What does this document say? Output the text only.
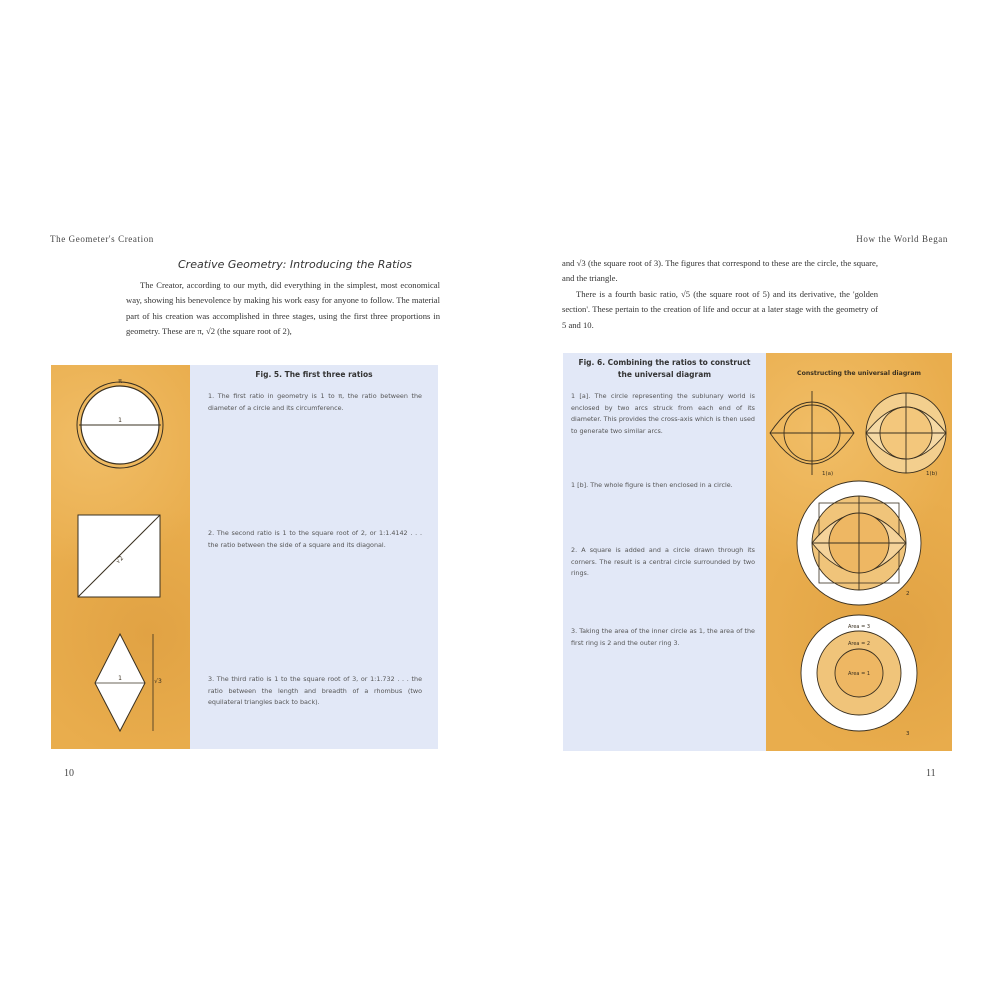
The Geometer's Creation
Creative Geometry: Introducing the Ratios

The Creator, according to our myth, did everything in the simplest, most economical way, showing his benevolence by making his work easy for anyone to follow. The material part of his creation was accomplished in three stages, using the first three proportions in geometry. These are π, √2 (the square root of 2),

π
1
√2
1	√3
Fig. 5. The first three ratios

1. The first ratio in geometry is 1 to π, the ratio between the diameter of a circle and its circumference.

2. The second ratio is 1 to the square root of 2, or 1:1.4142 . . . the ratio between the side of a square and its diagonal.

3. The third ratio is 1 to the square root of 3, or 1:1.732 . . . the ratio between the length and breadth of a rhombus (two equilateral triangles back to back).

10
How the World Began

and √3 (the square root of 3). The figures that correspond to these are the circle, the square, and the triangle.

There is a fourth basic ratio, √5 (the square root of 5) and its derivative, the 'golden section'. These pertain to the creation of life and occur at a later stage with the geometry of 5 and 10.

Fig. 6. Combining the ratios to construct
the universal diagram

1 [a]. The circle representing the sublunary world is enclosed by two arcs struck from each end of its diameter. This provides the cross-axis which is then used to generate two similar arcs.

1 [b]. The whole figure is then enclosed in a circle.

2. A square is added and a circle drawn through its corners. The result is a central circle surrounded by two rings.

3. Taking the area of the inner circle as 1, the area of the first ring is 2 and the outer ring 3.

Constructing the universal diagram
1(a)	1(b)
2
Area = 3
Area = 2
Area = 1
3
11
